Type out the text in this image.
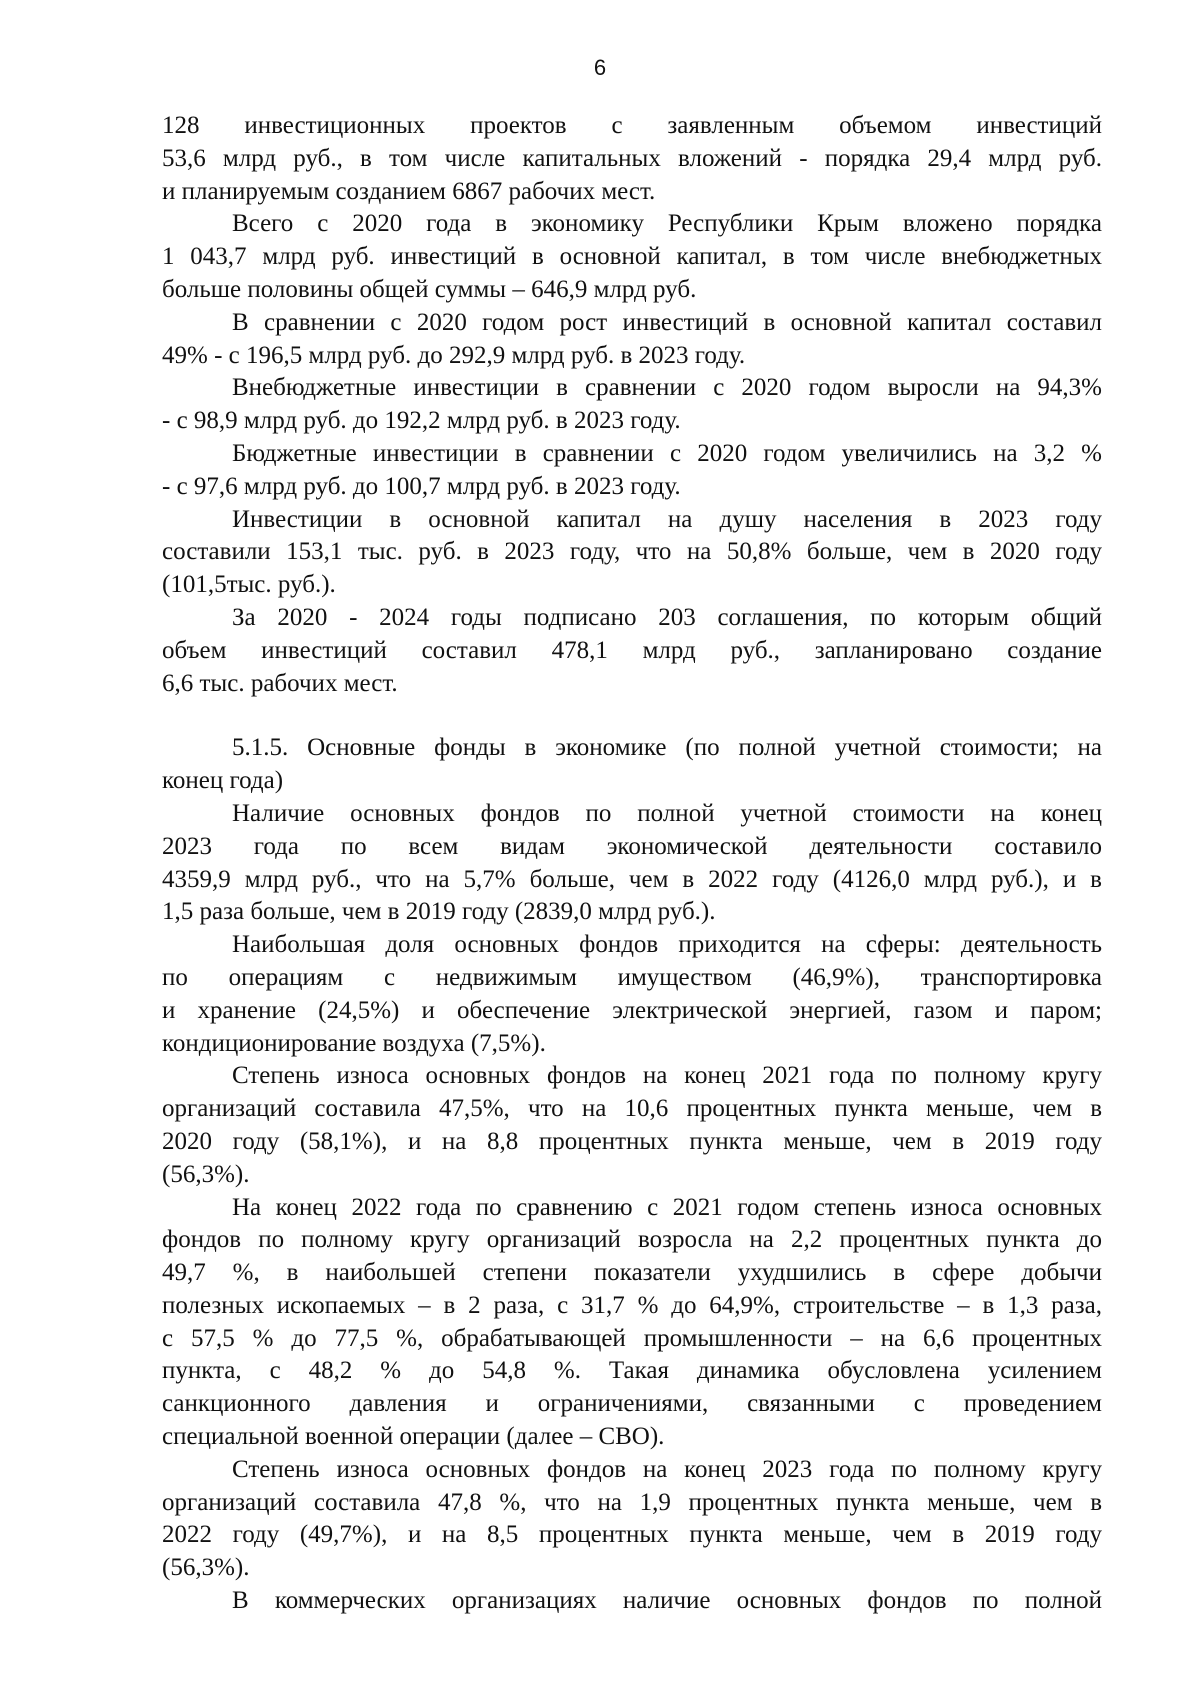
6

128 инвестиционных проектов с заявленным объемом инвестиций
53,6 млрд руб., в том числе капитальных вложений - порядка 29,4 млрд руб.
и планируемым созданием 6867 рабочих мест.

Всего с 2020 года в экономику Республики Крым вложено порядка
1 043,7 млрд руб. инвестиций в основной капитал, в том числе внебюджетных
больше половины общей суммы – 646,9 млрд руб.

В сравнении с 2020 годом рост инвестиций в основной капитал составил
49% - с 196,5 млрд руб. до 292,9 млрд руб. в 2023 году.

Внебюджетные инвестиции в сравнении с 2020 годом выросли на 94,3%
- с 98,9 млрд руб. до 192,2 млрд руб. в 2023 году.

Бюджетные инвестиции в сравнении с 2020 годом увеличились на 3,2 %
- с 97,6 млрд руб. до 100,7 млрд руб. в 2023 году.

Инвестиции в основной капитал на душу населения в 2023 году
составили 153,1 тыс. руб. в 2023 году, что на 50,8% больше, чем в 2020 году
(101,5тыс. руб.).

За 2020 - 2024 годы подписано 203 соглашения, по которым общий
объем инвестиций составил 478,1 млрд руб., запланировано создание
6,6 тыс. рабочих мест.

5.1.5. Основные фонды в экономике (по полной учетной стоимости; на
конец года)

Наличие основных фондов по полной учетной стоимости на конец
2023 года по всем видам экономической деятельности составило
4359,9 млрд руб., что на 5,7% больше, чем в 2022 году (4126,0 млрд руб.), и в
1,5 раза больше, чем в 2019 году (2839,0 млрд руб.).

Наибольшая доля основных фондов приходится на сферы: деятельность
по операциям с недвижимым имуществом (46,9%), транспортировка
и хранение (24,5%) и обеспечение электрической энергией, газом и паром;
кондиционирование воздуха (7,5%).

Степень износа основных фондов на конец 2021 года по полному кругу
организаций составила 47,5%, что на 10,6 процентных пункта меньше, чем в
2020 году (58,1%), и на 8,8 процентных пункта меньше, чем в 2019 году
(56,3%).

На конец 2022 года по сравнению с 2021 годом степень износа основных
фондов по полному кругу организаций возросла на 2,2 процентных пункта до
49,7 %, в наибольшей степени показатели ухудшились в сфере добычи
полезных ископаемых – в 2 раза, с 31,7 % до 64,9%, строительстве – в 1,3 раза,
с 57,5 % до 77,5 %, обрабатывающей промышленности – на 6,6 процентных
пункта, с 48,2 % до 54,8 %. Такая динамика обусловлена усилением
санкционного давления и ограничениями, связанными с проведением
специальной военной операции (далее – СВО).

Степень износа основных фондов на конец 2023 года по полному кругу
организаций составила 47,8 %, что на 1,9 процентных пункта меньше, чем в
2022 году (49,7%), и на 8,5 процентных пункта меньше, чем в 2019 году
(56,3%).

В коммерческих организациях наличие основных фондов по полной
